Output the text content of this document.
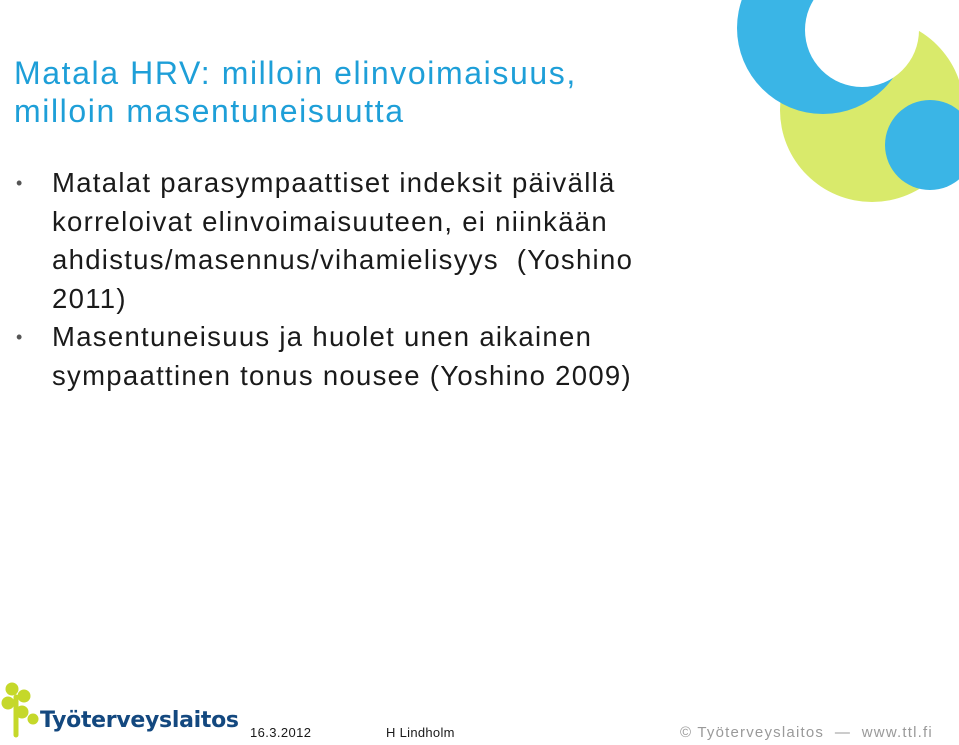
Matala HRV: milloin elinvoimaisuus,
milloin masentuneisuutta
• Matalat parasympaattiset indeksit päivällä
korreloivat elinvoimaisuuteen, ei niinkään
ahdistus/masennus/vihamielisyys  (Yoshino
2011)
• Masentuneisuus ja huolet unen aikainen
sympaattinen tonus nousee (Yoshino 2009)
Työterveyslaitos 16.3.2012	H Lindholm	© Työterveyslaitos  —  www.ttl.fi
